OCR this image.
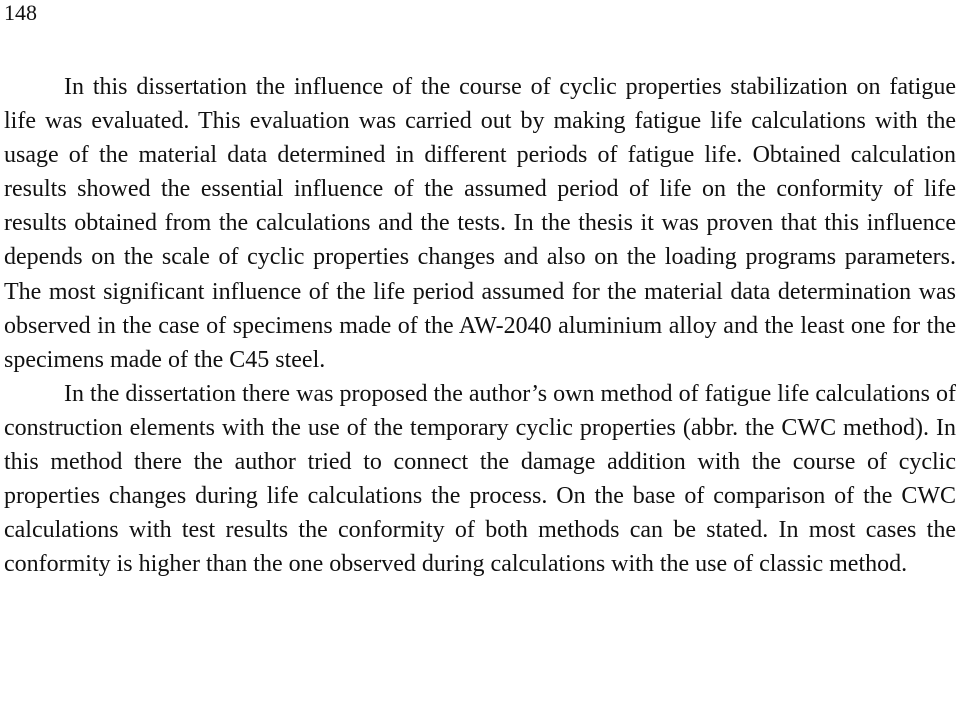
148

In this dissertation the influence of the course of cyclic properties stabilization on fatigue life was evaluated. This evaluation was carried out by making fatigue life calculations with the usage of the material data determined in different periods of fatigue life. Obtained calculation results showed the essential influence of the assumed period of life on the conformity of life results obtained from the calculations and the tests. In the thesis it was proven that this influence depends on the scale of cyclic properties changes and also on the loading programs parameters. The most significant influence of the life period assumed for the material data determination was observed in the case of specimens made of the AW-2040 aluminium alloy and the least one for the specimens made of the C45 steel.

In the dissertation there was proposed the author’s own method of fatigue life calculations of construction elements with the use of the temporary cyclic properties (abbr. the CWC method). In this method there the author tried to connect the damage addition with the course of cyclic properties changes during life calculations the process. On the base of comparison of the CWC calculations with test results the conformity of both methods can be stated. In most cases the conformity is higher than the one observed during calculations with the use of classic method.
